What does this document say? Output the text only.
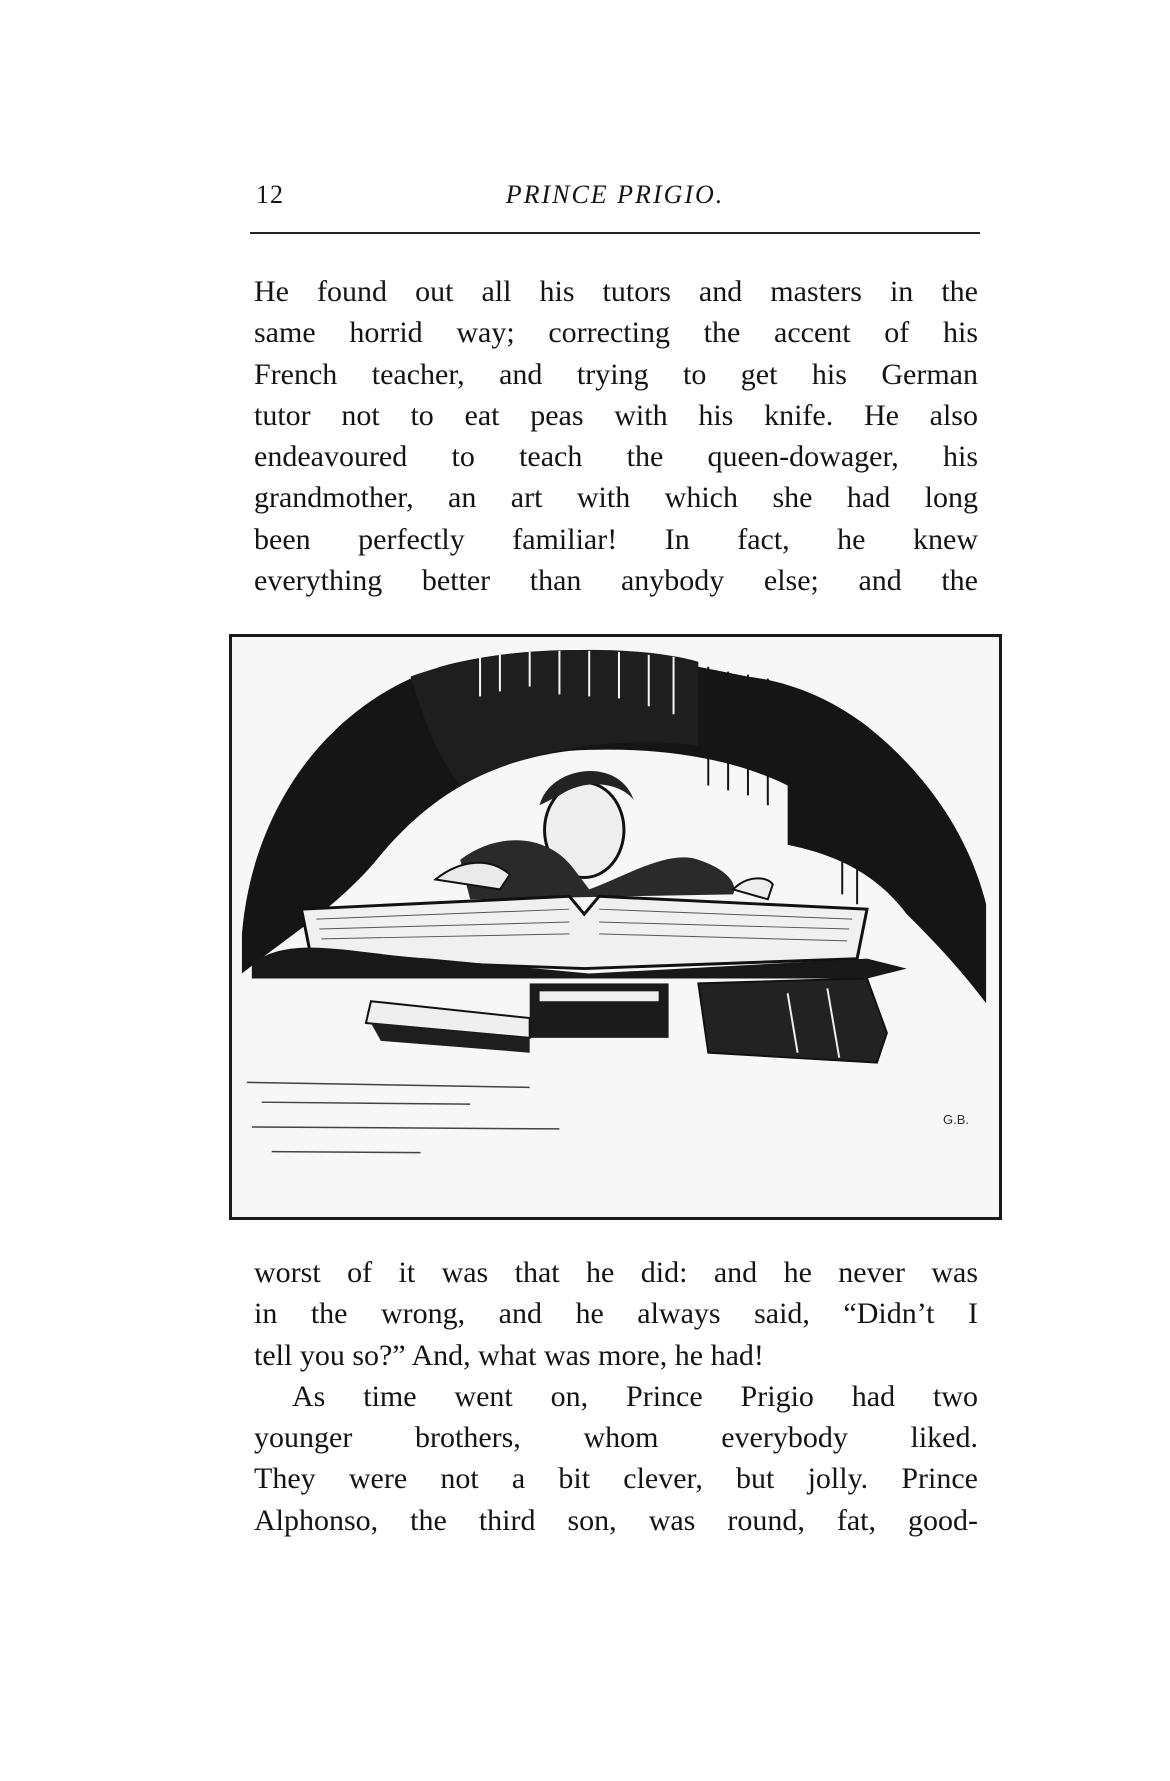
12	PRINCE PRIGIO.
He found out all his tutors and masters in the
same horrid way; correcting the accent of his
French teacher, and trying to get his German
tutor not to eat peas with his knife. He also
endeavoured to teach the queen-dowager, his
grandmother, an art with which she had long
been perfectly familiar! In fact, he knew
everything better than anybody else; and the
G.B.
worst of it was that he did: and he never was
in the wrong, and he always said, “Didn’t I
tell you so?” And, what was more, he had!
As time went on, Prince Prigio had two
younger brothers, whom everybody liked.
They were not a bit clever, but jolly. Prince
Alphonso, the third son, was round, fat, good-
